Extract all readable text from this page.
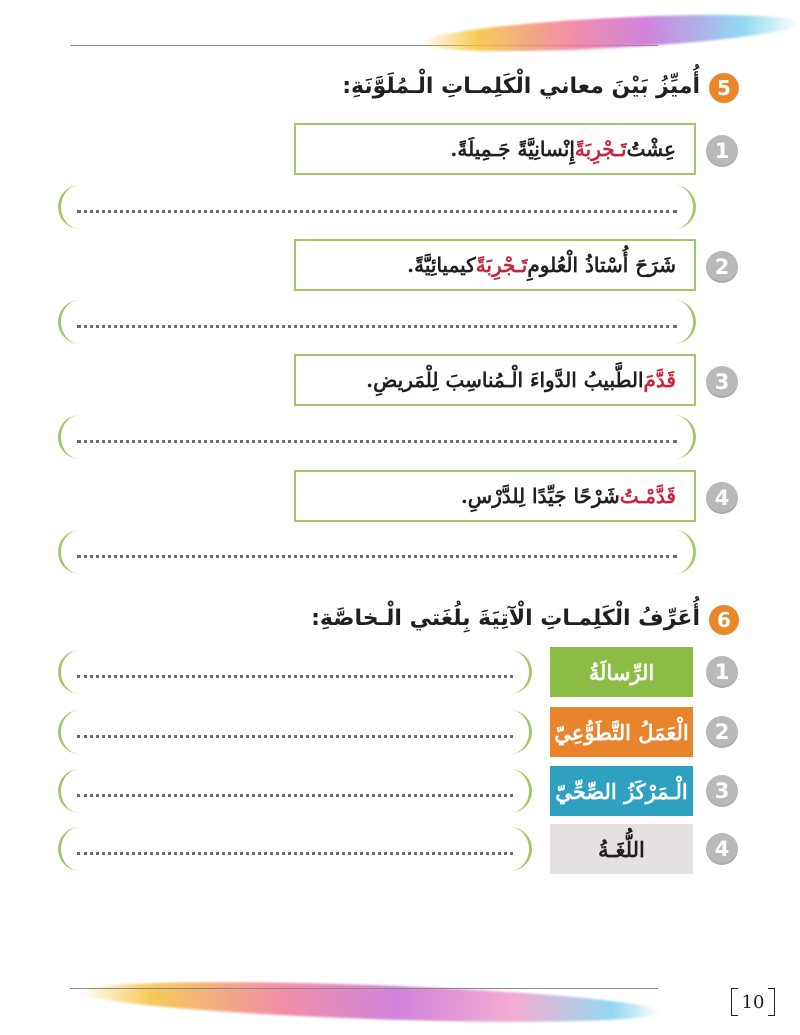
5
أُميِّزُ بَيْنَ معاني الْكَلِمـاتِ الْـمُلَوَّنَةِ:
1
عِشْتُ
تَـجْرِبَةً
إِنْسانِيَّةً جَـمِيلَةً.
2
شَرَحَ أُسْتاذُ الْعُلومِ
تَـجْرِبَةً
كيميائِيَّةً.
3
قَدَّمَ
الطَّبيبُ الدَّواءَ الْـمُناسِبَ لِلْمَريضِ.
4
قَدَّمْـتُ
شَرْحًا جَيِّدًا لِلدَّرْسِ.
6
أُعَرِّفُ الْكَلِمـاتِ الْآتِيَةَ بِلُغَتي الْـخاصَّةِ:
1
الرِّسالَةُ
2
الْعَمَلُ التَّطَوُّعِيّ
3
الْـمَرْكَزُ الصِّحِّيّ
4
اللُّغَـةُ
10
